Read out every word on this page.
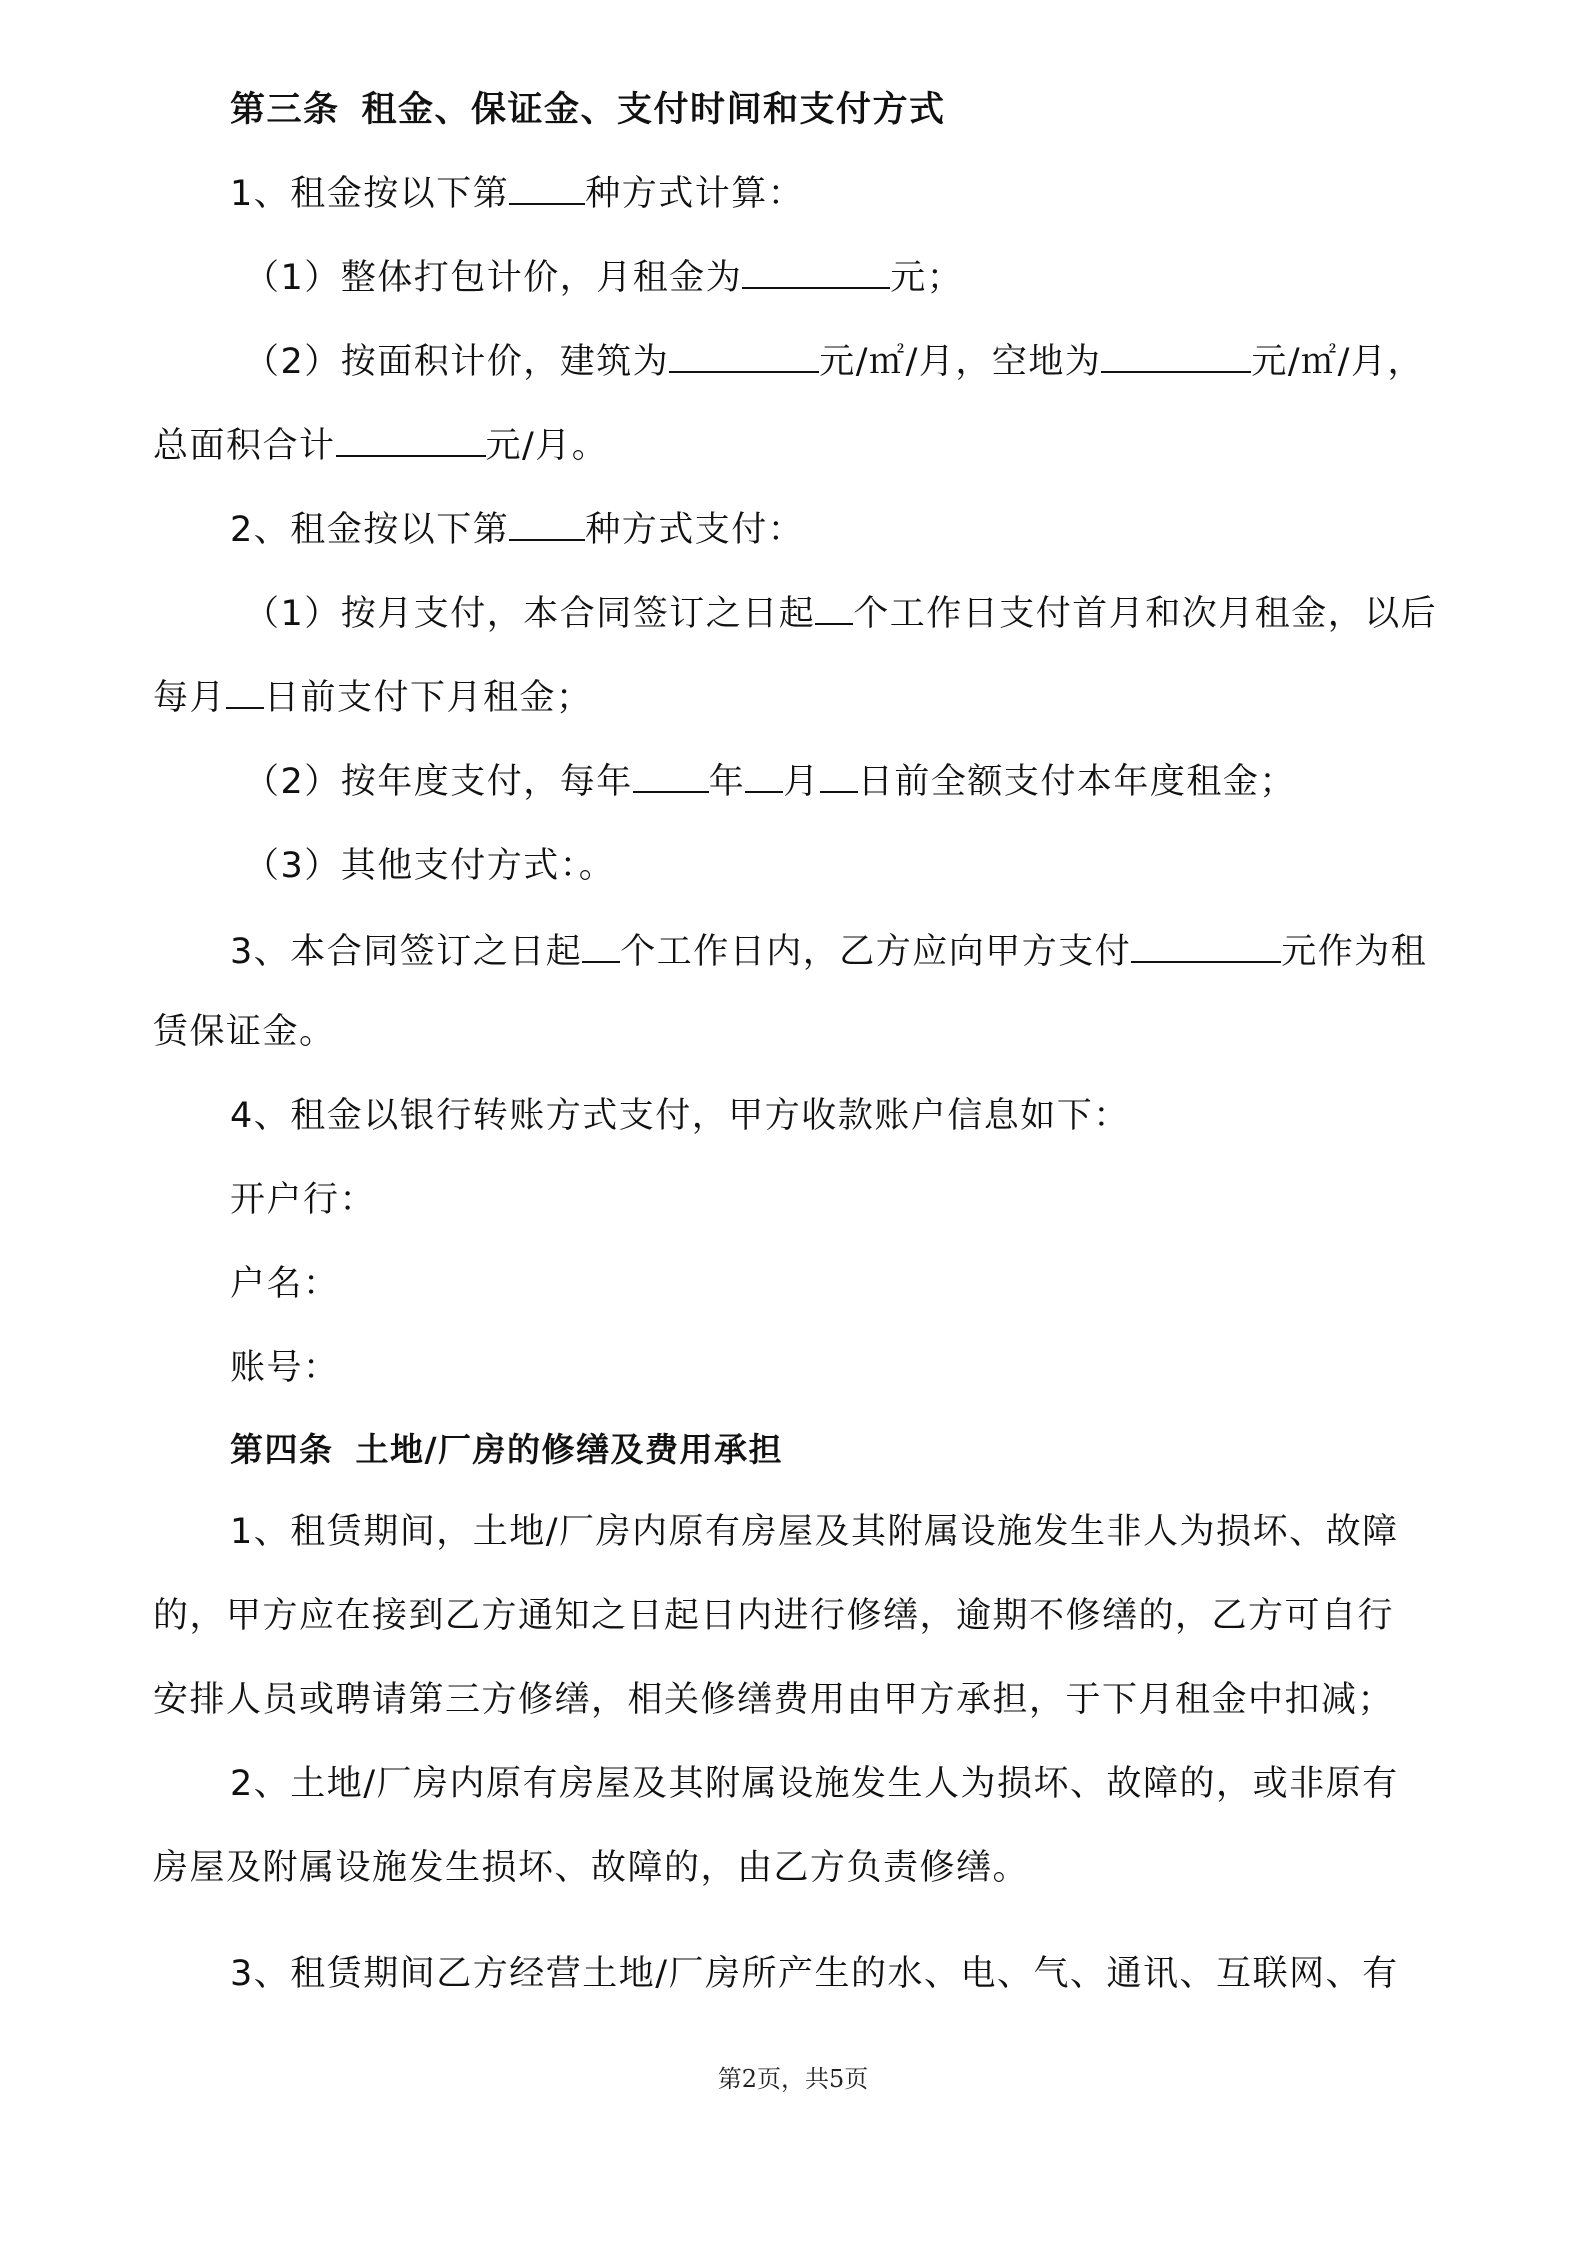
第三条 租金、保证金、支付时间和支付方式
1、租金按以下第 种方式计算：
（1）整体打包计价，月租金为	元；
（2）按面积计价，建筑为	元/㎡/月，空地为	元/㎡/月，
总面积合计	元/月。
2、租金按以下第 种方式支付：
（1）按月支付，本合同签订之日起 个工作日支付首月和次月租金，以后
每月 日前支付下月租金；
（2）按年度支付，每年 年 月 日前全额支付本年度租金；
（3）其他支付方式：。
3、本合同签订之日起 个工作日内，乙方应向甲方支付	元作为租
赁保证金。
4、租金以银行转账方式支付，甲方收款账户信息如下：
开户行：
户名：
账号：
第四条 土地/厂房的修缮及费用承担
1、租赁期间，土地/厂房内原有房屋及其附属设施发生非人为损坏、故障
的，甲方应在接到乙方通知之日起日内进行修缮，逾期不修缮的，乙方可自行
安排人员或聘请第三方修缮，相关修缮费用由甲方承担，于下月租金中扣减；
2、土地/厂房内原有房屋及其附属设施发生人为损坏、故障的，或非原有
房屋及附属设施发生损坏、故障的，由乙方负责修缮。
3、租赁期间乙方经营土地/厂房所产生的水、电、气、通讯、互联网、有
第2页，共5页
